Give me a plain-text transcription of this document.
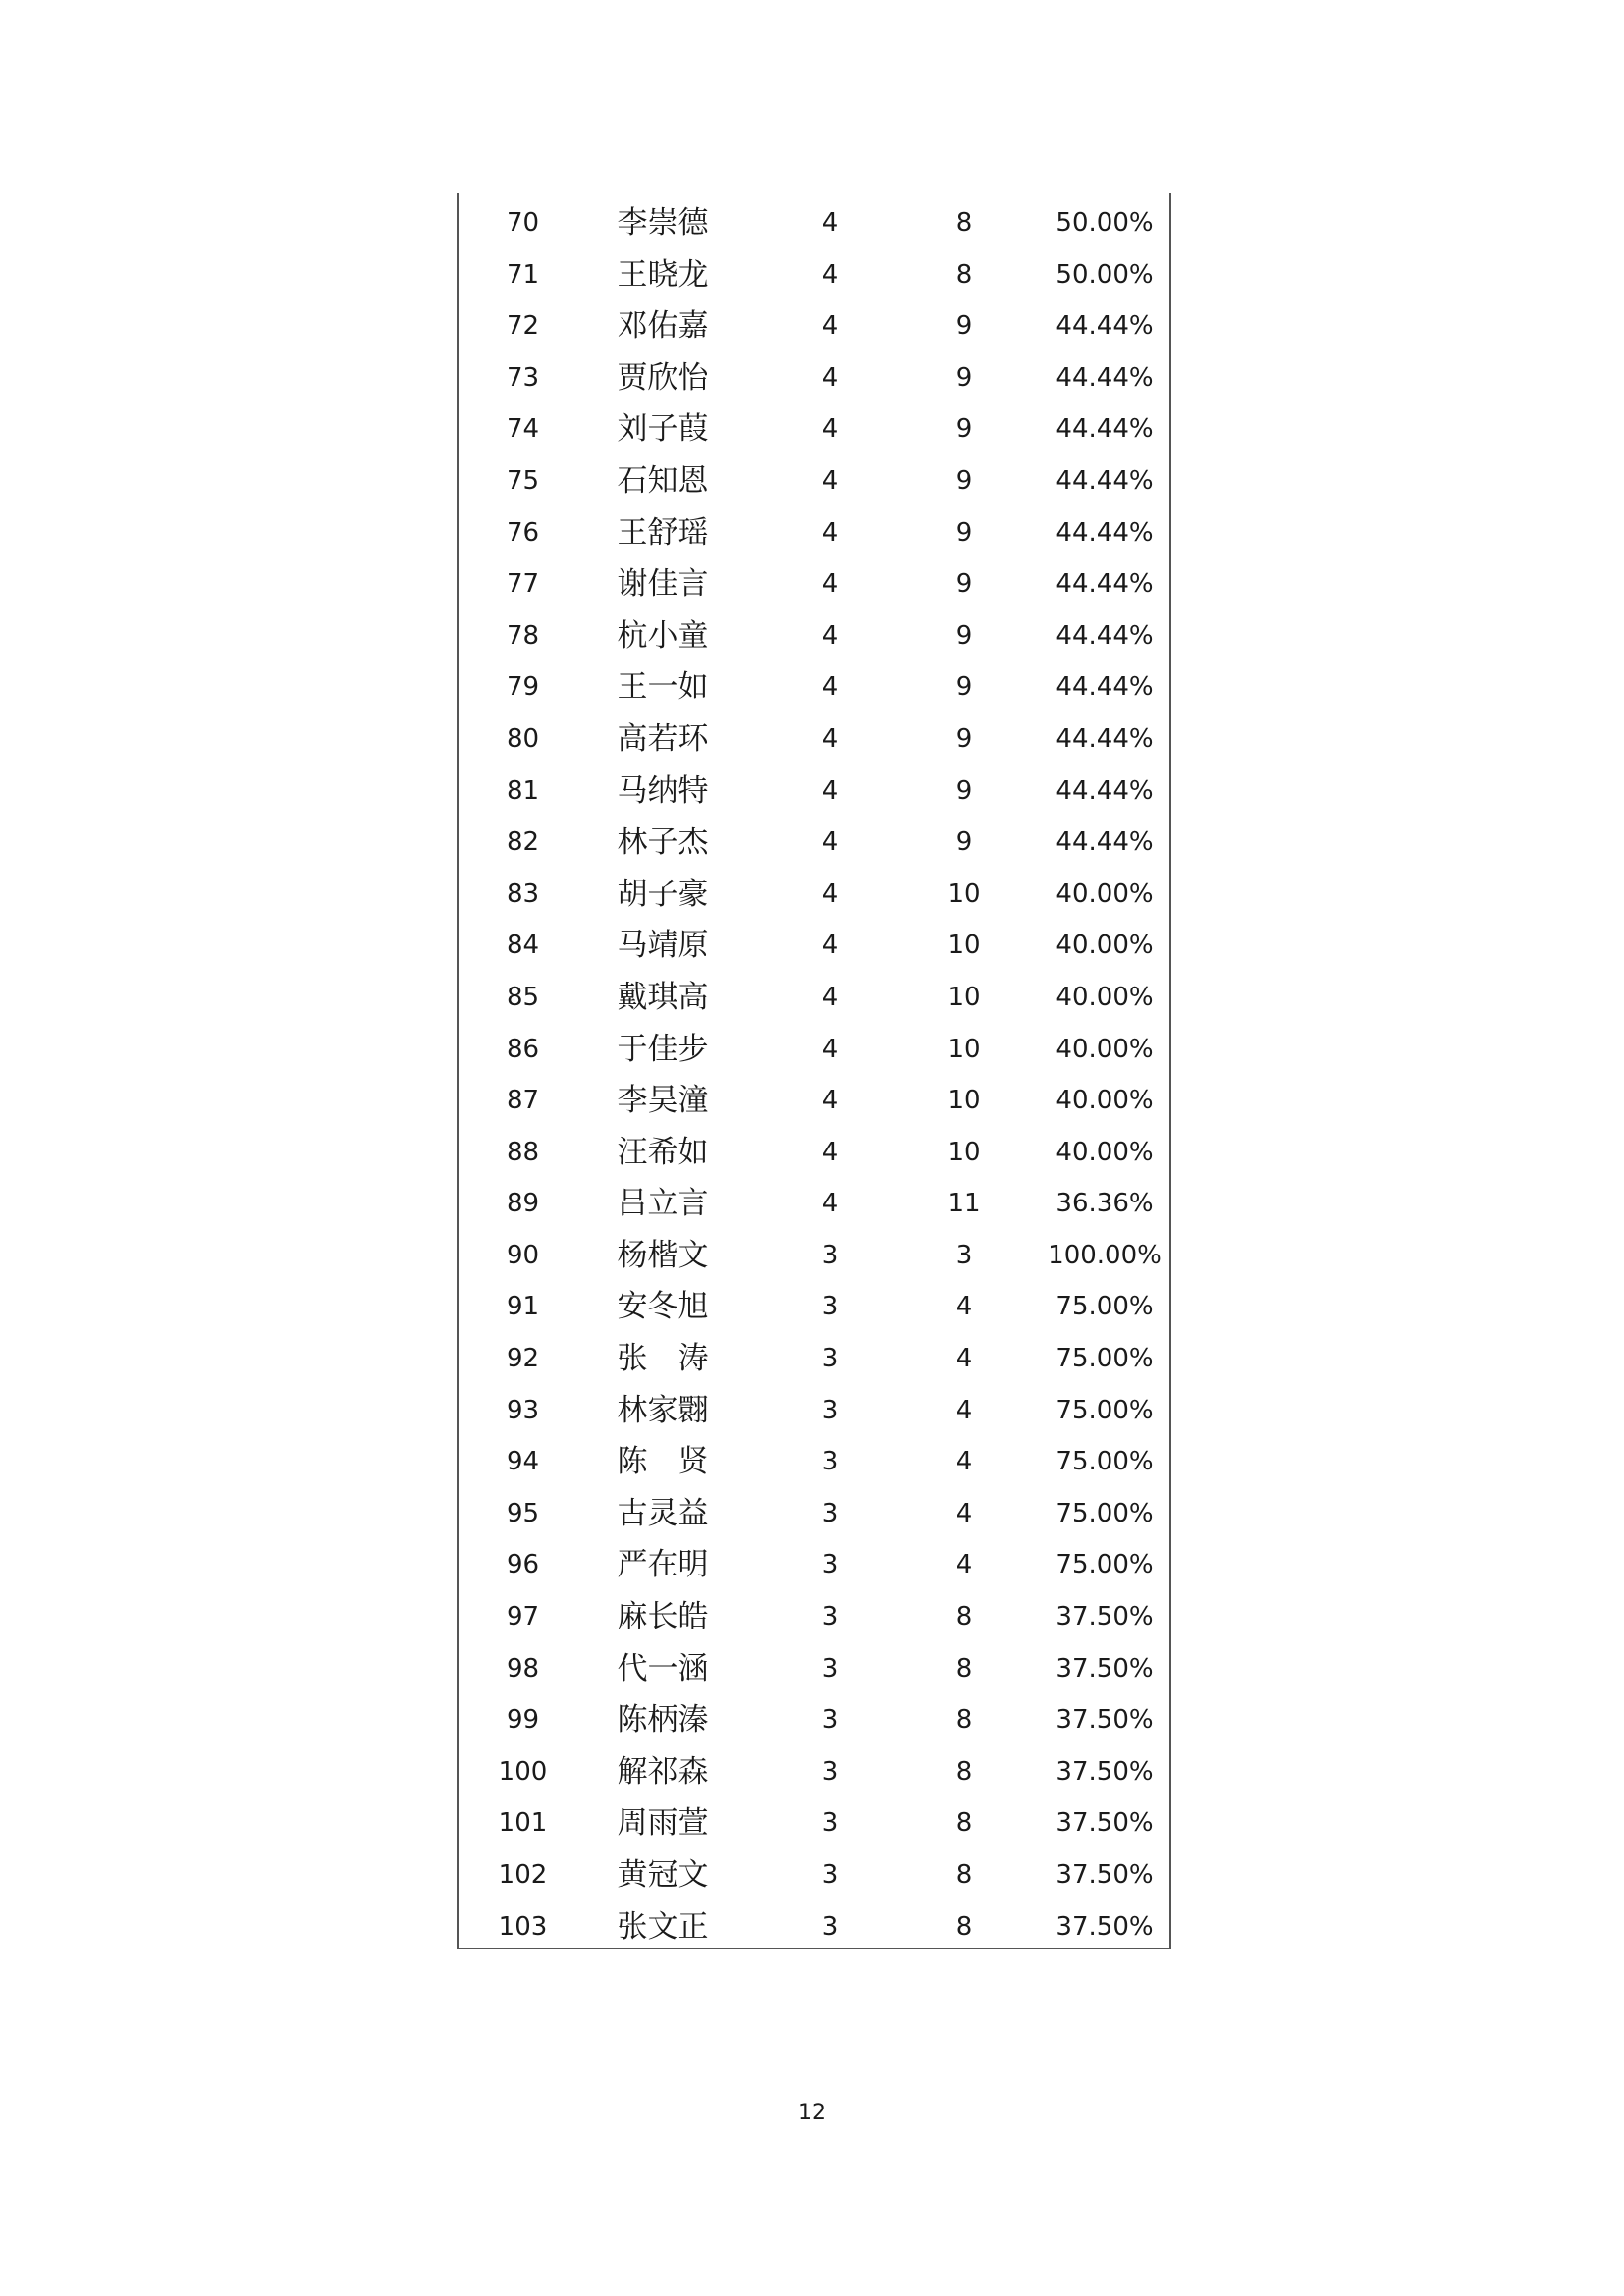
70	李崇德	4	8	50.00%
71	王晓龙	4	8	50.00%
72	邓佑嘉	4	9	44.44%
73	贾欣怡	4	9	44.44%
74	刘子葭	4	9	44.44%
75	石知恩	4	9	44.44%
76	王舒瑶	4	9	44.44%
77	谢佳言	4	9	44.44%
78	杭小童	4	9	44.44%
79	王一如	4	9	44.44%
80	高若环	4	9	44.44%
81	马纳特	4	9	44.44%
82	林子杰	4	9	44.44%
83	胡子豪	4	10	40.00%
84	马靖原	4	10	40.00%
85	戴琪高	4	10	40.00%
86	于佳步	4	10	40.00%
87	李昊潼	4	10	40.00%
88	汪希如	4	10	40.00%
89	吕立言	4	11	36.36%
90	杨楷文	3	3	100.00%
91	安冬旭	3	4	75.00%
92	张　涛	3	4	75.00%
93	林家翾	3	4	75.00%
94	陈　贤	3	4	75.00%
95	古灵益	3	4	75.00%
96	严在明	3	4	75.00%
97	麻长皓	3	8	37.50%
98	代一涵	3	8	37.50%
99	陈柄溱	3	8	37.50%
100	解祁森	3	8	37.50%
101	周雨萱	3	8	37.50%
102	黄冠文	3	8	37.50%
103	张文正	3	8	37.50%
12
